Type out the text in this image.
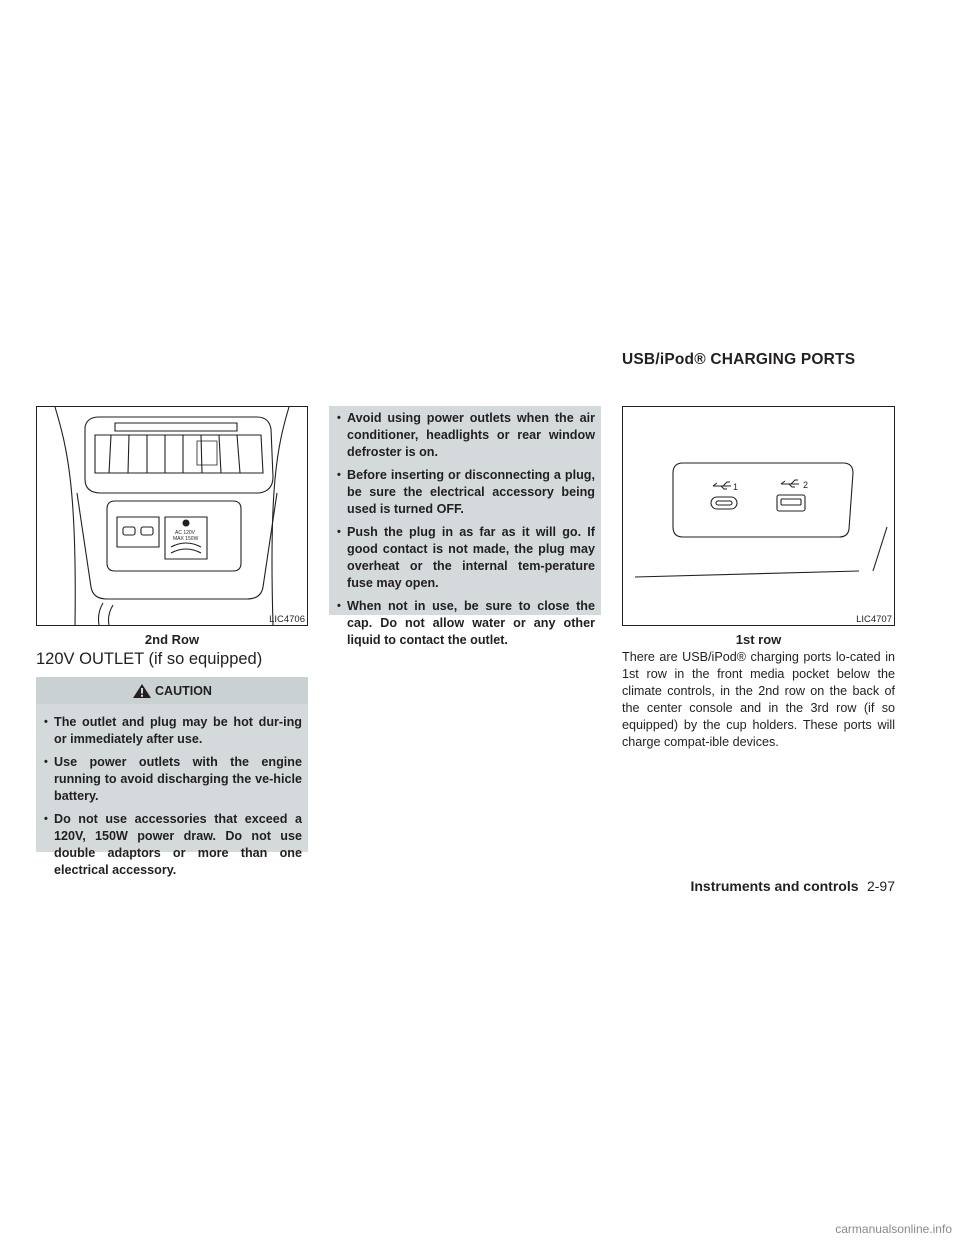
USB/iPod® CHARGING PORTS
AC 120V
MAX 150W
LIC4706
2nd Row
120V OUTLET (if so equipped)
CAUTION
• The outlet and plug may be hot dur-ing or immediately after use.
• Use power outlets with the engine running to avoid discharging the ve-hicle battery.
• Do not use accessories that exceed a 120V, 150W power draw. Do not use double adaptors or more than one electrical accessory.
• Avoid using power outlets when the air conditioner, headlights or rear window defroster is on.
• Before inserting or disconnecting a plug, be sure the electrical accessory being used is turned OFF.
• Push the plug in as far as it will go. If good contact is not made, the plug may overheat or the internal tem-perature fuse may open.
• When not in use, be sure to close the cap. Do not allow water or any other liquid to contact the outlet.
1	2
LIC4707
1st row
There are USB/iPod® charging ports lo-cated in 1st row in the front media pocket below the climate controls, in the 2nd row on the back of the center console and in the 3rd row (if so equipped) by the cup holders. These ports will charge compat-ible devices.
Instruments and controls 2-97
carmanualsonline.info
